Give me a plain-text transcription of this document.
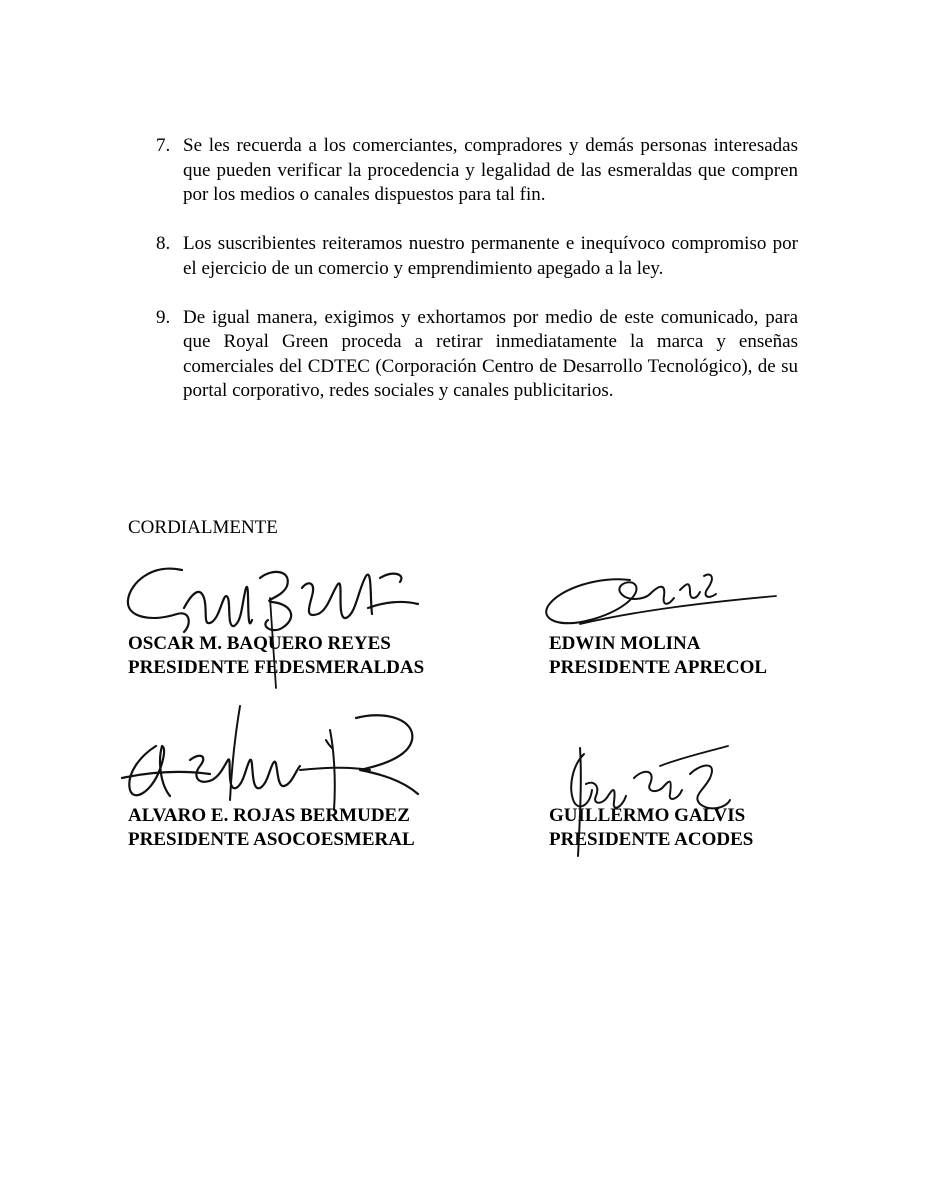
7. Se les recuerda a los comerciantes, compradores y demás personas interesadas que pueden verificar la procedencia y legalidad de las esmeraldas que compren por los medios o canales dispuestos para tal fin.
8. Los suscribientes reiteramos nuestro permanente e inequívoco compromiso por el ejercicio de un comercio y emprendimiento apegado a la ley.
9. De igual manera, exigimos y exhortamos por medio de este comunicado, para que Royal Green proceda a retirar inmediatamente la marca y enseñas comerciales del CDTEC (Corporación Centro de Desarrollo Tecnológico), de su portal corporativo, redes sociales y canales publicitarios.
CORDIALMENTE
OSCAR M. BAQUERO REYES
PRESIDENTE FEDESMERALDAS
EDWIN MOLINA
PRESIDENTE APRECOL
ALVARO E. ROJAS BERMUDEZ
PRESIDENTE ASOCOESMERAL
GUILLERMO GALVIS
PRESIDENTE ACODES
